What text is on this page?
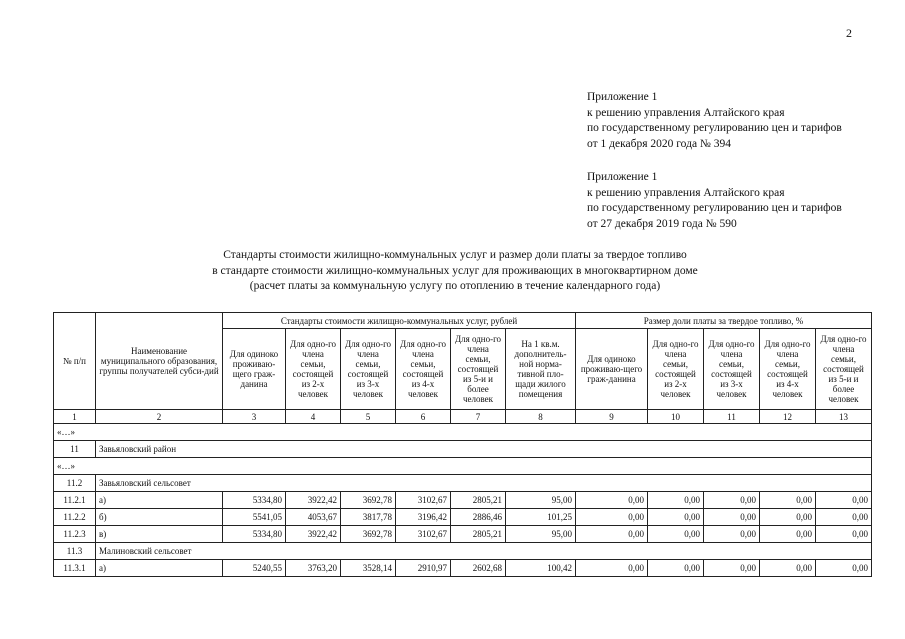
2
Приложение 1
к решению управления Алтайского края
по государственному регулированию цен и тарифов
от 1 декабря 2020 года № 394
Приложение 1
к решению управления Алтайского края
по государственному регулированию цен и тарифов
от 27 декабря 2019 года № 590
Стандарты стоимости жилищно-коммунальных услуг и размер доли платы за твердое топливо
в стандарте стоимости жилищно-коммунальных услуг для проживающих в многоквартирном доме
(расчет платы за коммунальную услугу по отоплению в течение календарного года)
№ п/п	Наименование муниципального образования, группы получателей субси-дий	Стандарты стоимости жилищно-коммунальных услуг, рублей						Размер доли платы за твердое топливо, %				
		Для одиноко проживаю-щего граж-данина	Для одно-го члена семьи, состоящей из 2-х человек	Для одно-го члена семьи, состоящей из 3-х человек	Для одно-го члена семьи, состоящей из 4-х человек	Для одно-го члена семьи, состоящей из 5-и и более человек	На 1 кв.м. дополнитель-ной норма-тивной пло-щади жилого помещения	Для одиноко проживаю-щего граж-данина	Для одно-го члена семьи, состоящей из 2-х человек	Для одно-го члена семьи, состоящей из 3-х человек	Для одно-го члена семьи, состоящей из 4-х человек	Для одно-го члена семьи, состоящей из 5-и и более человек
1	2	3	4	5	6	7	8	9	10	11	12	13
«…»												
11	Завьяловский район											
«…»												
11.2	Завьяловский сельсовет											
11.2.1	а)	5334,80	3922,42	3692,78	3102,67	2805,21	95,00	0,00	0,00	0,00	0,00	0,00
11.2.2	б)	5541,05	4053,67	3817,78	3196,42	2886,46	101,25	0,00	0,00	0,00	0,00	0,00
11.2.3	в)	5334,80	3922,42	3692,78	3102,67	2805,21	95,00	0,00	0,00	0,00	0,00	0,00
11.3	Малиновский сельсовет											
11.3.1	а)	5240,55	3763,20	3528,14	2910,97	2602,68	100,42	0,00	0,00	0,00	0,00	0,00
